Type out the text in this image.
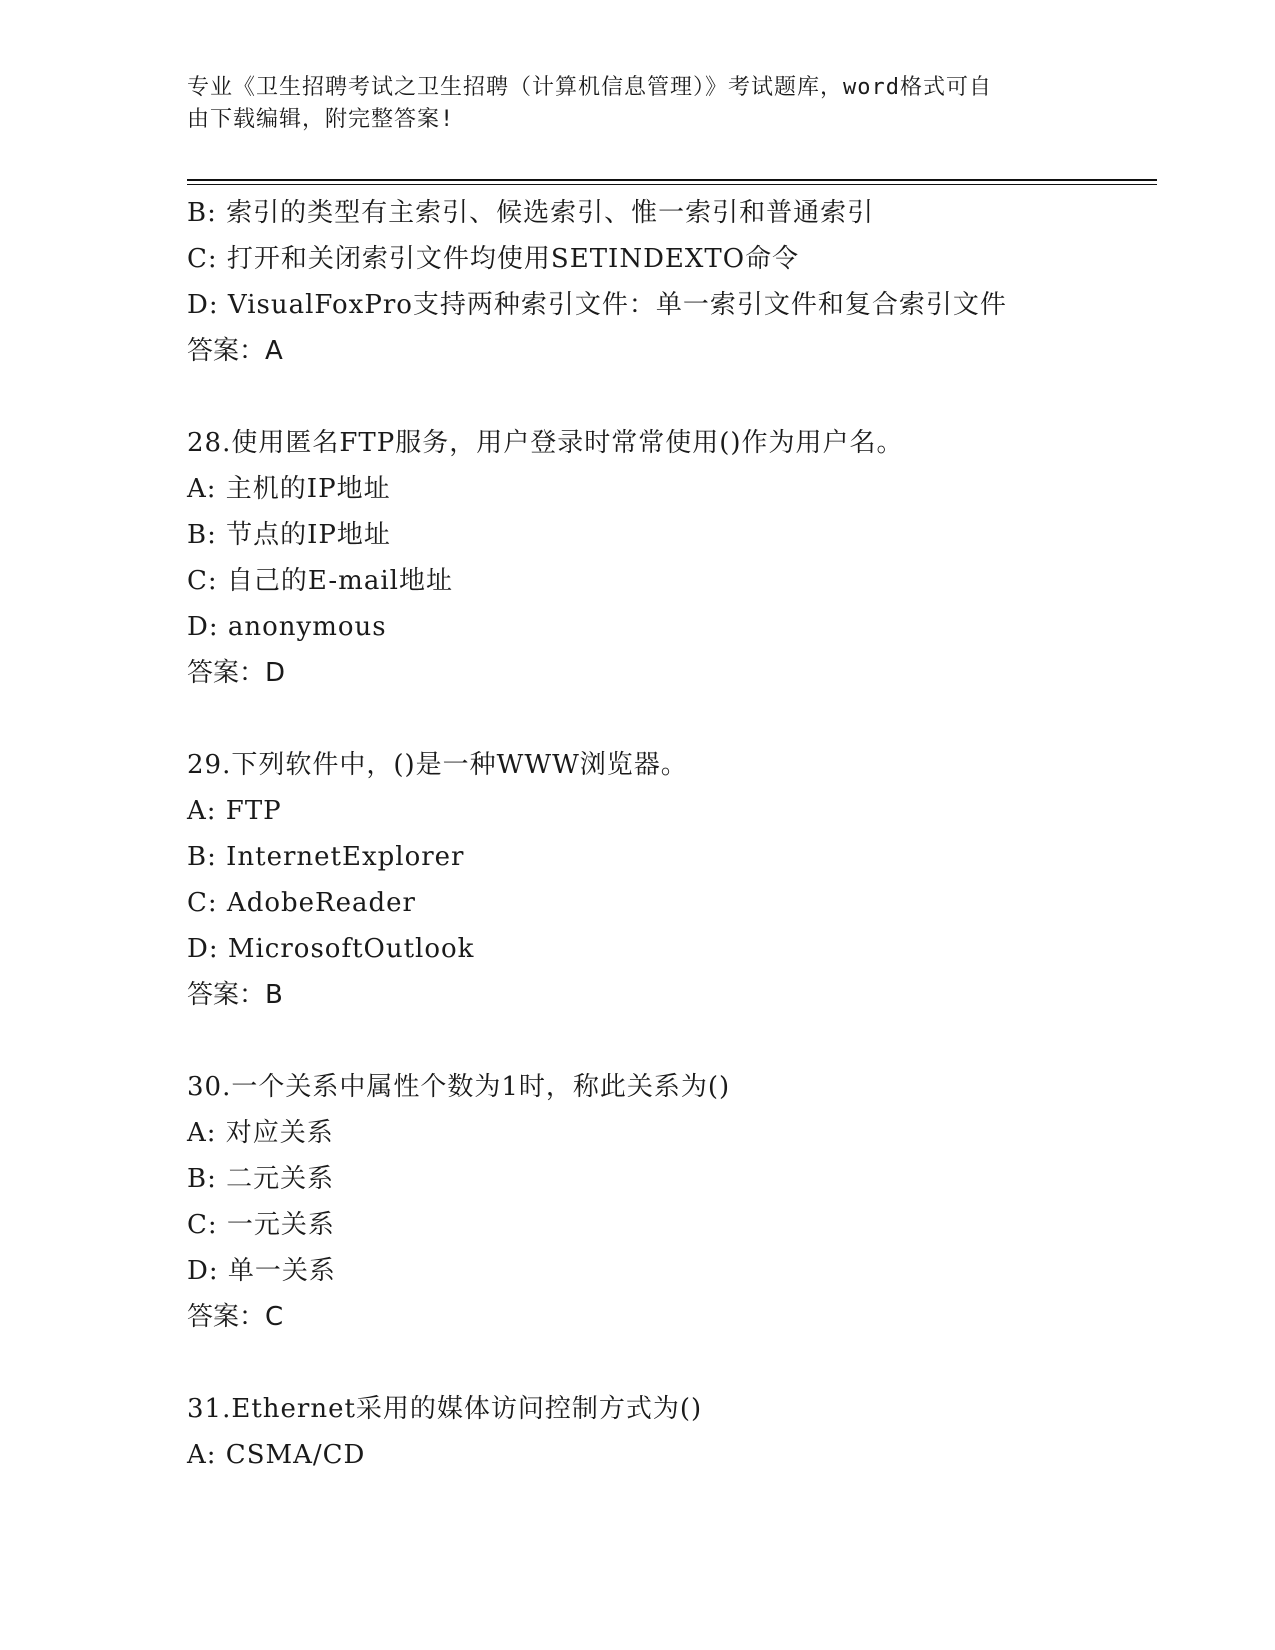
专业《卫生招聘考试之卫生招聘（计算机信息管理）》考试题库，word格式可自
由下载编辑，附完整答案!
B: 索引的类型有主索引、候选索引、惟一索引和普通索引
C: 打开和关闭索引文件均使用SETINDEXTO命令
D: VisualFoxPro支持两种索引文件：单一索引文件和复合索引文件
答案：A
28.使用匿名FTP服务，用户登录时常常使用()作为用户名。
A: 主机的IP地址
B: 节点的IP地址
C: 自己的E-mail地址
D: anonymous
答案：D
29.下列软件中，()是一种WWW浏览器。
A: FTP
B: InternetExplorer
C: AdobeReader
D: MicrosoftOutlook
答案：B
30.一个关系中属性个数为1时，称此关系为()
A: 对应关系
B: 二元关系
C: 一元关系
D: 单一关系
答案：C
31.Ethernet采用的媒体访问控制方式为()
A: CSMA/CD
